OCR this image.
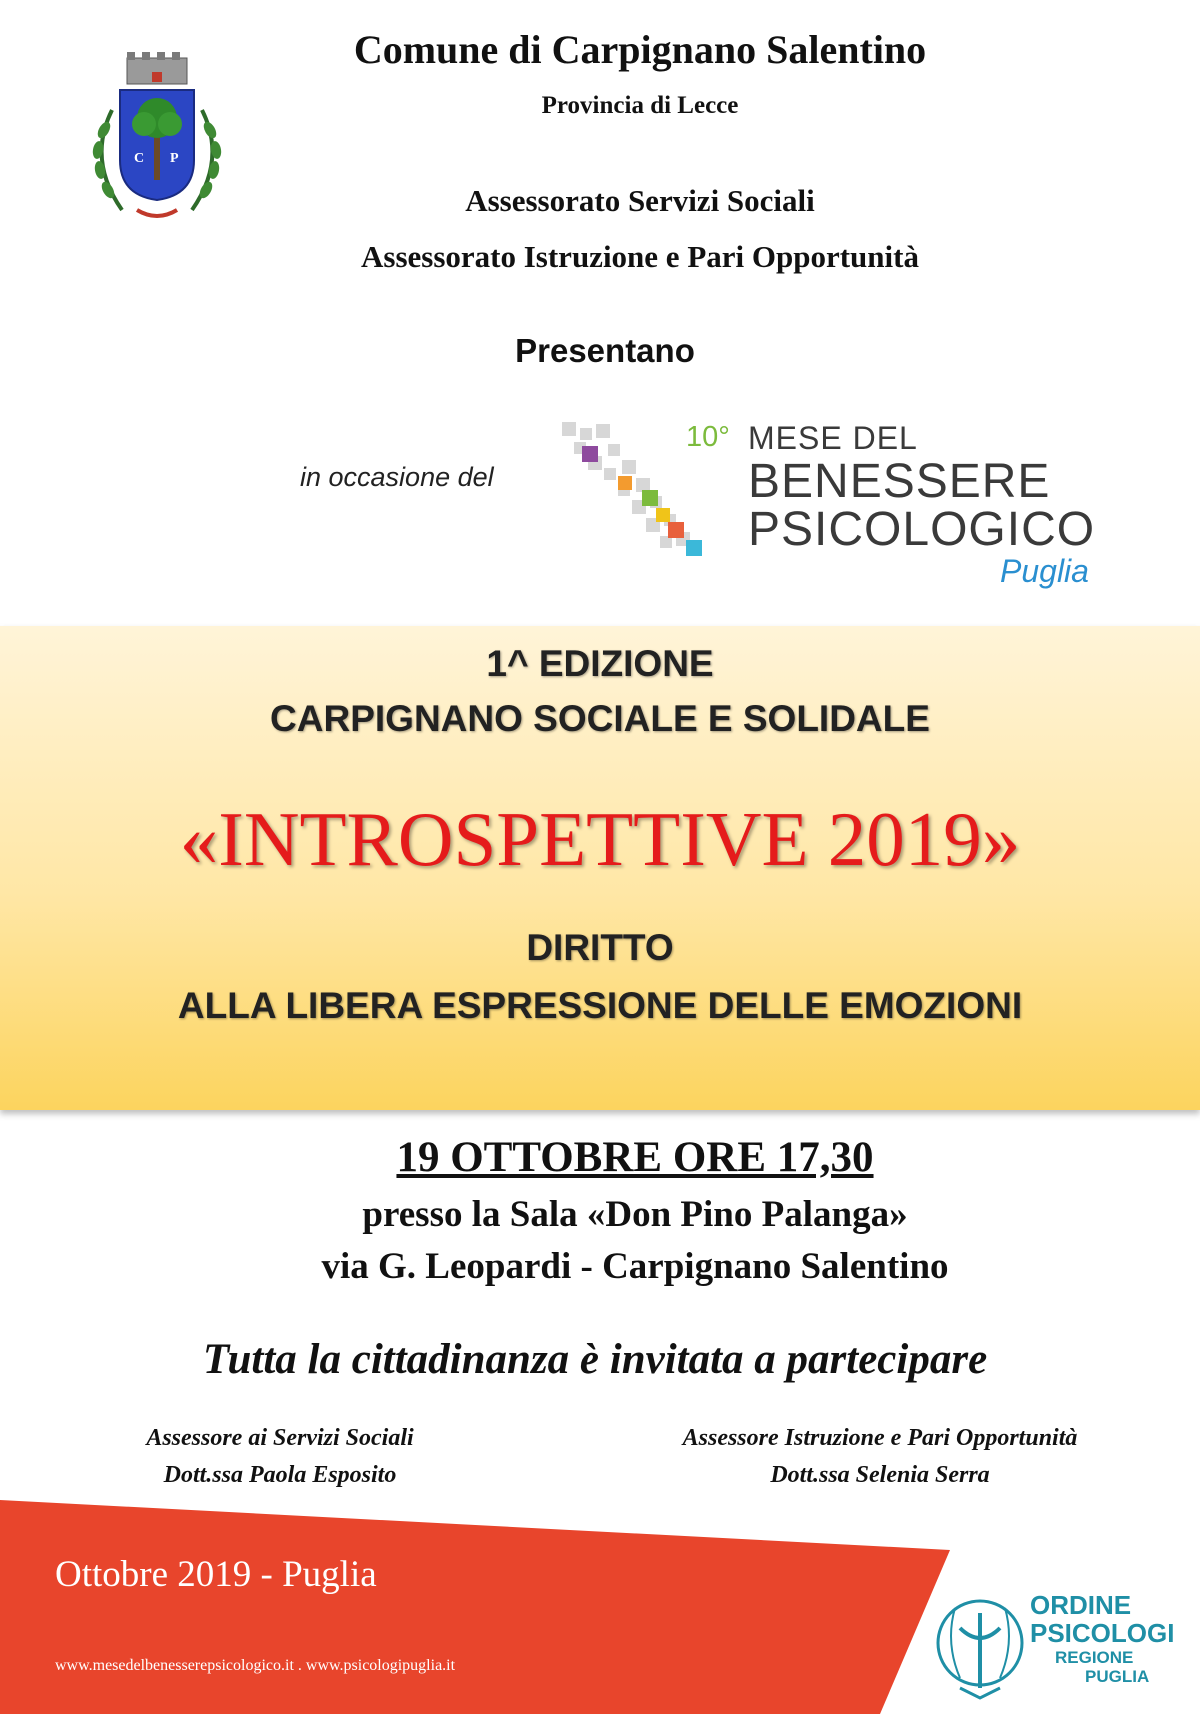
C P
Comune di Carpignano Salentino
Provincia di Lecce
Assessorato Servizi Sociali
Assessorato Istruzione e Pari Opportunità
Presentano
in occasione del
10° MESE DEL
BENESSERE
PSICOLOGICO
Puglia
1^ EDIZIONE
CARPIGNANO SOCIALE E SOLIDALE
«INTROSPETTIVE 2019»
DIRITTO
ALLA LIBERA ESPRESSIONE DELLE EMOZIONI
19 OTTOBRE ORE 17,30
presso la Sala «Don Pino Palanga»
via G. Leopardi - Carpignano Salentino
Tutta la cittadinanza è invitata a partecipare
Assessore ai Servizi Sociali
Dott.ssa Paola Esposito
Assessore Istruzione e Pari Opportunità
Dott.ssa Selenia Serra
Ottobre 2019 - Puglia
www.mesedelbenesserepsicologico.it . www.psicologipuglia.it
ORDINE
PSICOLOGI
REGIONE
PUGLIA
